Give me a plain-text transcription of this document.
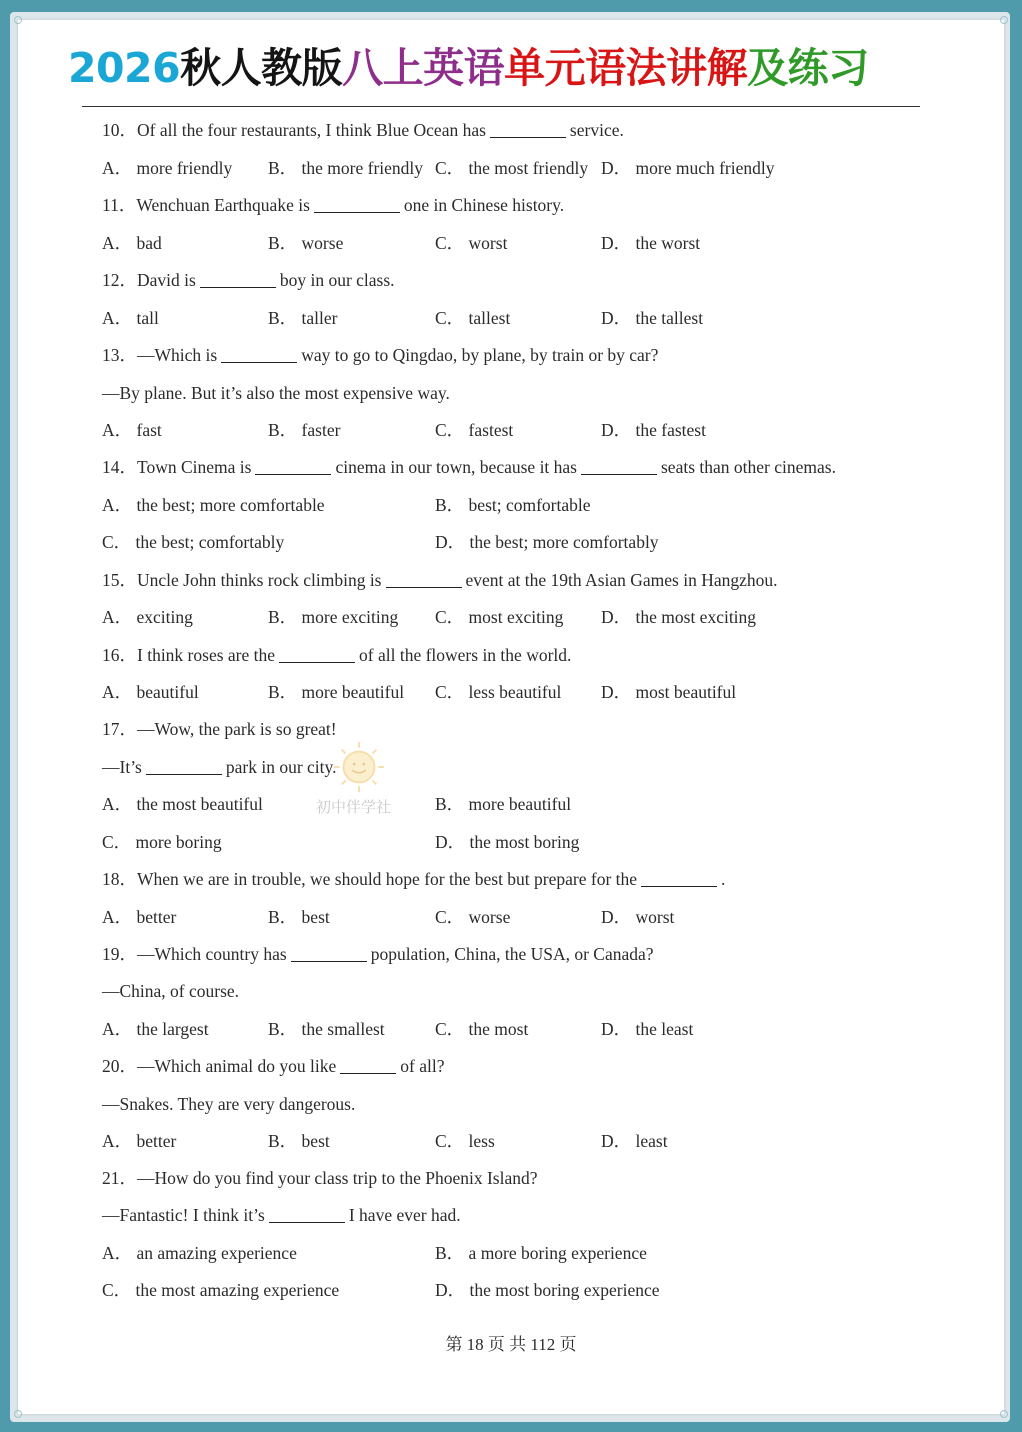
2026秋人教版八上英语单元语法讲解及练习
10．Of all the four restaurants, I think Blue Ocean has	service.
A． more friendly B． the more friendly C． the most friendly D． more much friendly
11．Wenchuan Earthquake is	one in Chinese history.
A． bad	B． worse	C． worst	D． the worst
12．David is	boy in our class.
A． tall	B． taller	C． tallest	D． the tallest
13．—Which is	way to go to Qingdao, by plane, by train or by car?
—By plane. But it’s also the most expensive way.
A． fast	B． faster	C． fastest	D． the fastest
14．Town Cinema is	cinema in our town, because it has	seats than other cinemas.
A． the best; more comfortable	B． best; comfortable
C． the best; comfortably	D． the best; more comfortably
15．Uncle John thinks rock climbing is	event at the 19th Asian Games in Hangzhou.
A． exciting	B． more exciting C． most exciting D． the most exciting
16．I think roses are the	of all the flowers in the world.
A． beautiful	B． more beautiful C． less beautiful D． most beautiful
17．—Wow, the park is so great!
—It’s	park in our city.
A． the most beautiful	B． more beautiful
C． more boring	D． the most boring
初中伴学社
18．When we are in trouble, we should hope for the best but prepare for the	.
A． better	B． best	C． worse	D． worst
19．—Which country has	population, China, the USA, or Canada?
—China, of course.
A． the largest	B． the smallest	C． the most	D． the least
20．—Which animal do you like	of all?
—Snakes. They are very dangerous.
A． better	B． best	C． less	D． least
21．—How do you find your class trip to the Phoenix Island?
—Fantastic! I think it’s	I have ever had.
A． an amazing experience	B． a more boring experience
C． the most amazing experience	D． the most boring experience
第 18 页 共 112 页
